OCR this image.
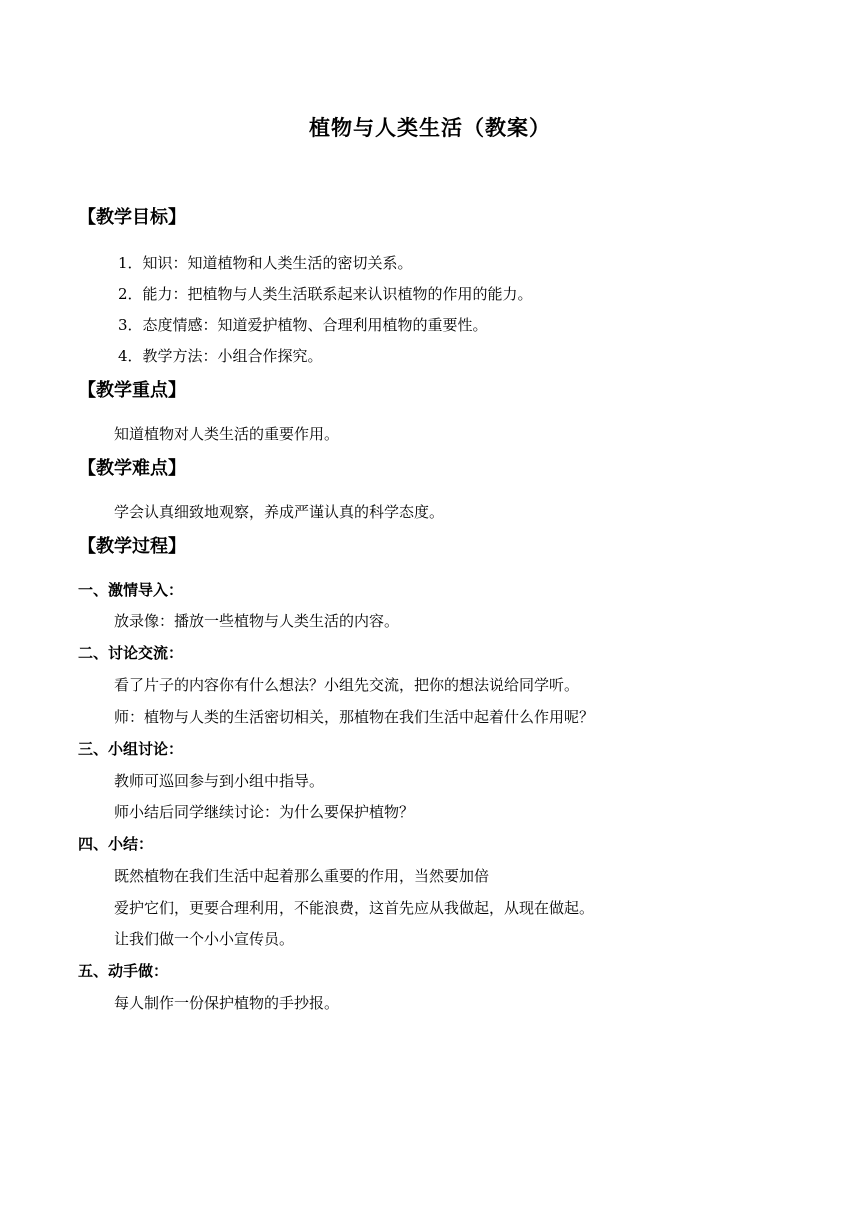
植物与人类生活（教案）
【教学目标】
1．知识：知道植物和人类生活的密切关系。
2．能力：把植物与人类生活联系起来认识植物的作用的能力。
3．态度情感：知道爱护植物、合理利用植物的重要性。
4．教学方法：小组合作探究。
【教学重点】
知道植物对人类生活的重要作用。
【教学难点】
学会认真细致地观察，养成严谨认真的科学态度。
【教学过程】
一、激情导入：
放录像：播放一些植物与人类生活的内容。
二、讨论交流：
看了片子的内容你有什么想法？小组先交流，把你的想法说给同学听。
师：植物与人类的生活密切相关，那植物在我们生活中起着什么作用呢？
三、小组讨论：
教师可巡回参与到小组中指导。
师小结后同学继续讨论：为什么要保护植物？
四、小结：
既然植物在我们生活中起着那么重要的作用，当然要加倍
爱护它们，更要合理利用，不能浪费，这首先应从我做起，从现在做起。
让我们做一个小小宣传员。
五、动手做：
每人制作一份保护植物的手抄报。
